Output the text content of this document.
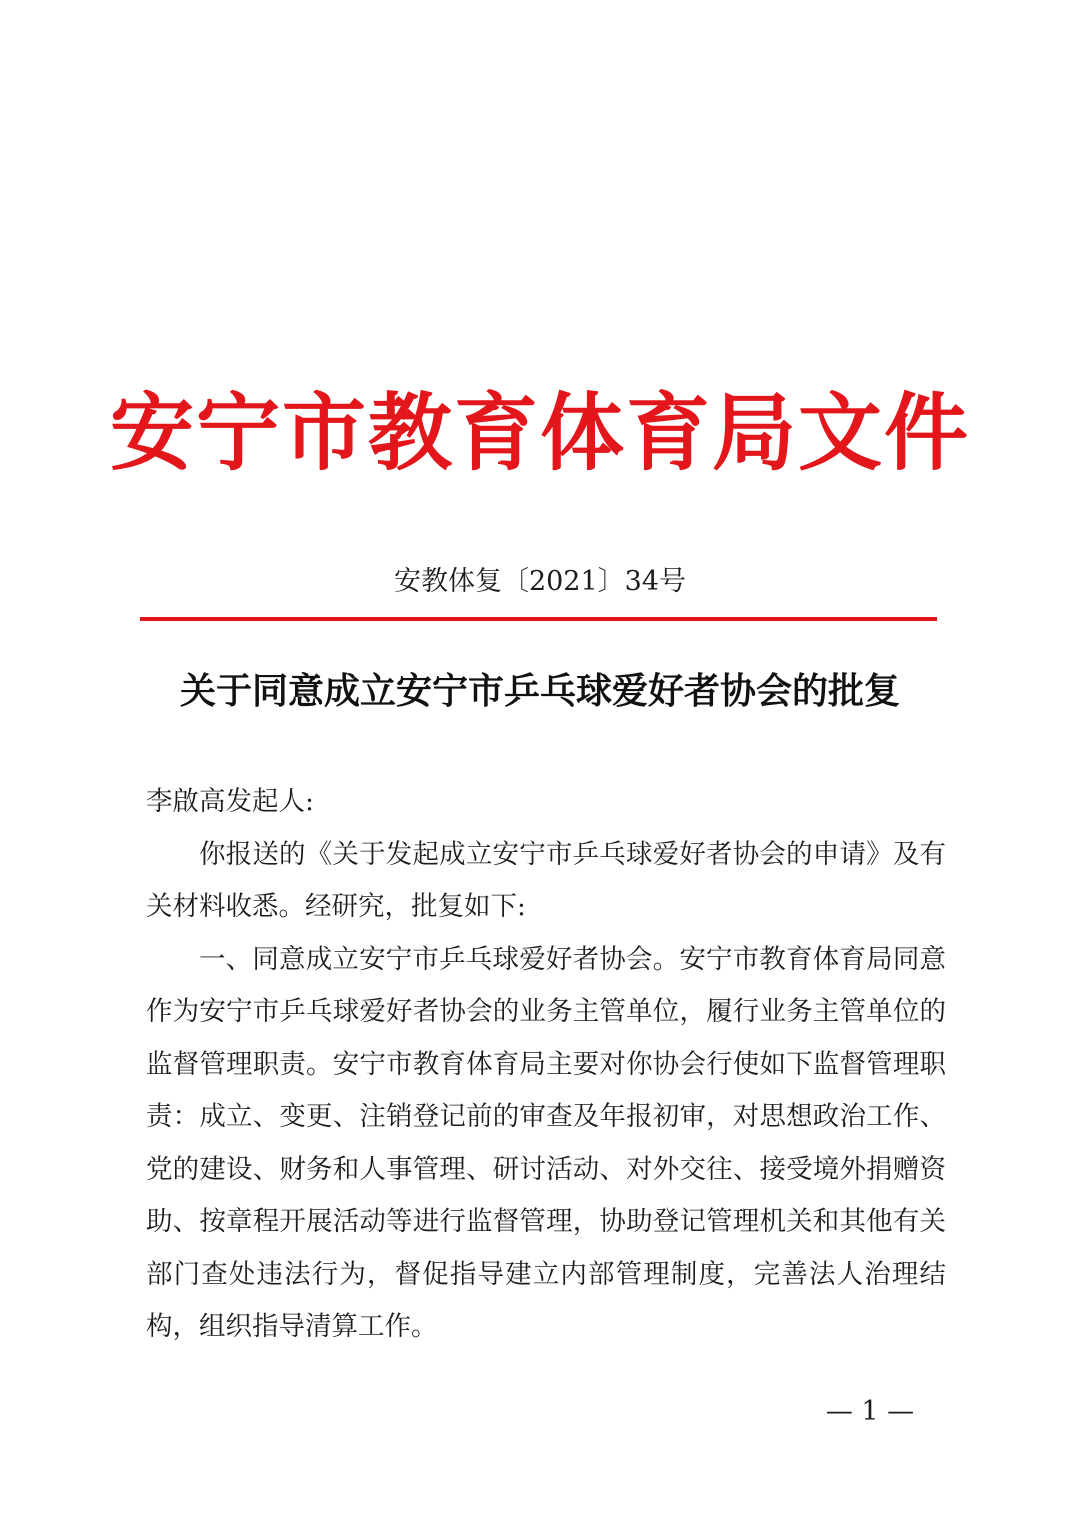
安宁市教育体育局文件
安教体复〔2021〕34号
关于同意成立安宁市乒乓球爱好者协会的批复

李啟高发起人:

你报送的《关于发起成立安宁市乒乓球爱好者协会的申请》及有关材料收悉。经研究，批复如下:

一、同意成立安宁市乒乓球爱好者协会。安宁市教育体育局同意作为安宁市乒乓球爱好者协会的业务主管单位，履行业务主管单位的监督管理职责。安宁市教育体育局主要对你协会行使如下监督管理职责：成立、变更、注销登记前的审查及年报初审，对思想政治工作、党的建设、财务和人事管理、研讨活动、对外交往、接受境外捐赠资助、按章程开展活动等进行监督管理，协助登记管理机关和其他有关部门查处违法行为，督促指导建立内部管理制度，完善法人治理结构，组织指导清算工作。

— 1 —
